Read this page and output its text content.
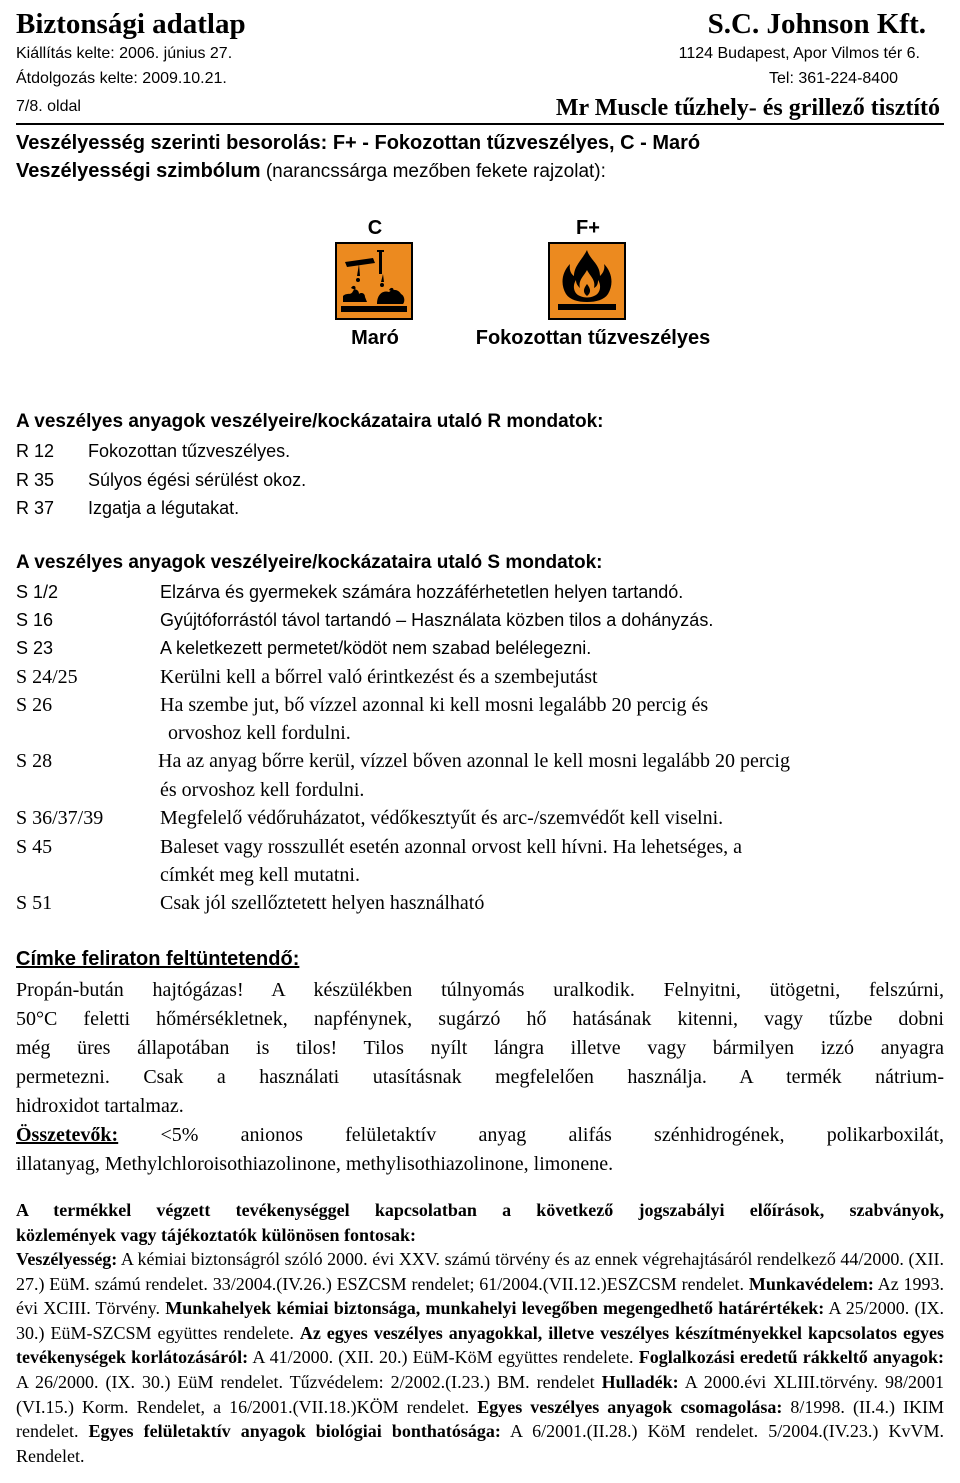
Biztonsági adatlap	S.C. Johnson Kft.
Kiállítás kelte: 2006. június 27.	1124 Budapest, Apor Vilmos tér 6.
Átdolgozás kelte: 2009.10.21.	Tel: 361-224-8400
7/8. oldal	Mr Muscle tűzhely- és grillező tisztító
Veszélyesség szerinti besorolás: F+ - Fokozottan tűzveszélyes, C - Maró
Veszélyességi szimbólum (narancssárga mezőben fekete rajzolat):
C	F+
Maró	Fokozottan tűzveszélyes
A veszélyes anyagok veszélyeire/kockázataira utaló R mondatok:
R 12 Fokozottan tűzveszélyes.
R 35 Súlyos égési sérülést okoz.
R 37 Izgatja a légutakat.
A veszélyes anyagok veszélyeire/kockázataira utaló S mondatok:
S 1/2	Elzárva és gyermekek számára hozzáférhetetlen helyen tartandó.
S 16	Gyújtóforrástól távol tartandó – Használata közben tilos a dohányzás.
S 23	A keletkezett permetet/ködöt nem szabad belélegezni.
S 24/25	Kerülni kell a bőrrel való érintkezést és a szembejutást
S 26	Ha szembe jut, bő vízzel azonnal ki kell mosni legalább 20 percig és
orvoshoz kell fordulni.
S 28	Ha az anyag bőrre kerül, vízzel bőven azonnal le kell mosni legalább 20 percig
és orvoshoz kell fordulni.
S 36/37/39	Megfelelő védőruházatot, védőkesztyűt és arc-/szemvédőt kell viselni.
S 45	Baleset vagy rosszullét esetén azonnal orvost kell hívni. Ha lehetséges, a
címkét meg kell mutatni.
S 51	Csak jól szellőztetett helyen használható
Címke feliraton feltüntetendő:
Propán-bután hajtógázas! A készülékben túlnyomás uralkodik. Felnyitni, ütögetni, felszúrni,
50°C feletti hőmérsékletnek, napfénynek, sugárzó hő hatásának kitenni, vagy tűzbe dobni
még üres állapotában is tilos! Tilos nyílt lángra illetve vagy bármilyen izzó anyagra
permetezni. Csak a használati utasításnak megfelelően használja. A termék nátrium-
hidroxidot tartalmaz.
Összetevők: <5% anionos felületaktív anyag alifás szénhidrogének, polikarboxilát,
illatanyag, Methylchloroisothiazolinone, methylisothiazolinone, limonene.
A termékkel végzett tevékenységgel kapcsolatban a következő jogszabályi előírások, szabványok,
közlemények vagy tájékoztatók különösen fontosak:
Veszélyesség: A kémiai biztonságról szóló 2000. évi XXV. számú törvény és az ennek végrehajtásáról rendelkező 44/2000. (XII. 27.) EüM. számú rendelet. 33/2004.(IV.26.) ESZCSM rendelet; 61/2004.(VII.12.)ESZCSM rendelet. Munkavédelem: Az 1993. évi XCIII. Törvény. Munkahelyek kémiai biztonsága, munkahelyi levegőben megengedhető határértékek: A 25/2000. (IX. 30.) EüM-SZCSM együttes rendelete. Az egyes veszélyes anyagokkal, illetve veszélyes készítményekkel kapcsolatos egyes tevékenységek korlátozásáról: A 41/2000. (XII. 20.) EüM-KöM együttes rendelete. Foglalkozási eredetű rákkeltő anyagok: A 26/2000. (IX. 30.) EüM rendelet. Tűzvédelem: 2/2002.(I.23.) BM. rendelet Hulladék: A 2000.évi XLIII.törvény. 98/2001 (VI.15.) Korm. Rendelet, a 16/2001.(VII.18.)KÖM rendelet. Egyes veszélyes anyagok csomagolása: 8/1998. (II.4.) IKIM rendelet. Egyes felületaktív anyagok biológiai bonthatósága: A 6/2001.(II.28.) KöM rendelet. 5/2004.(IV.23.) KvVM. Rendelet.
